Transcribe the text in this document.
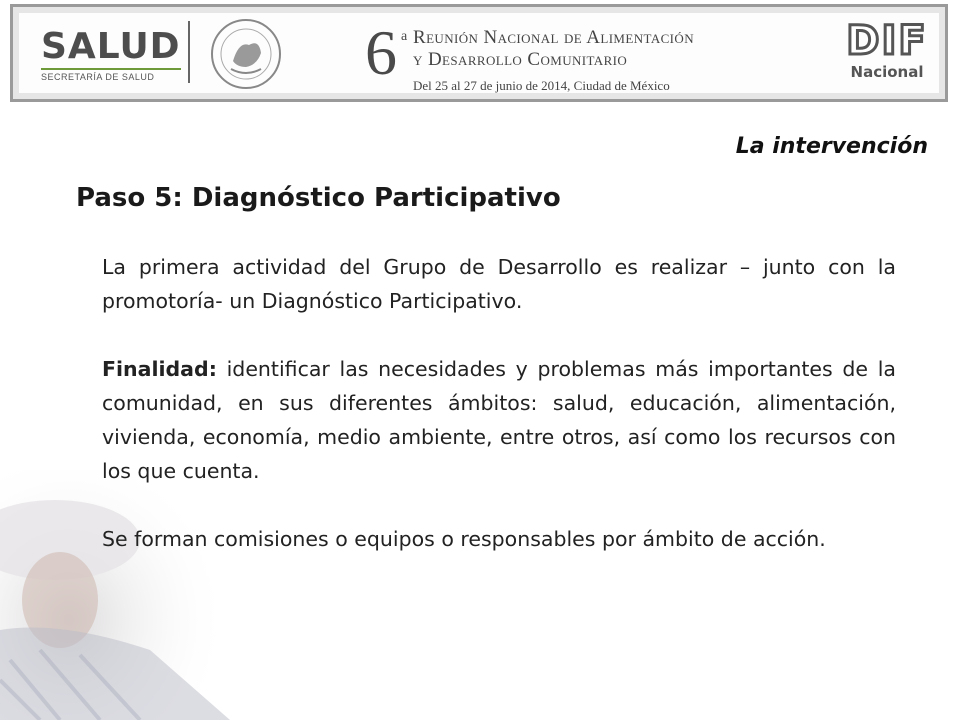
SALUD
SECRETARÍA DE SALUD	6 a Reunión Nacional de Alimentación
y Desarrollo Comunitario
Del 25 al 27 de junio de 2014, Ciudad de México
DIF
Nacional
La intervención
Paso 5: Diagnóstico Participativo

La primera actividad del Grupo de Desarrollo es realizar – junto con la promotoría- un Diagnóstico Participativo.

Finalidad: identificar las necesidades y problemas más importantes de la comunidad, en sus diferentes ámbitos: salud, educación, alimentación, vivienda, economía, medio ambiente, entre otros, así como los recursos con los que cuenta.

Se forman comisiones o equipos o responsables por ámbito de acción.
